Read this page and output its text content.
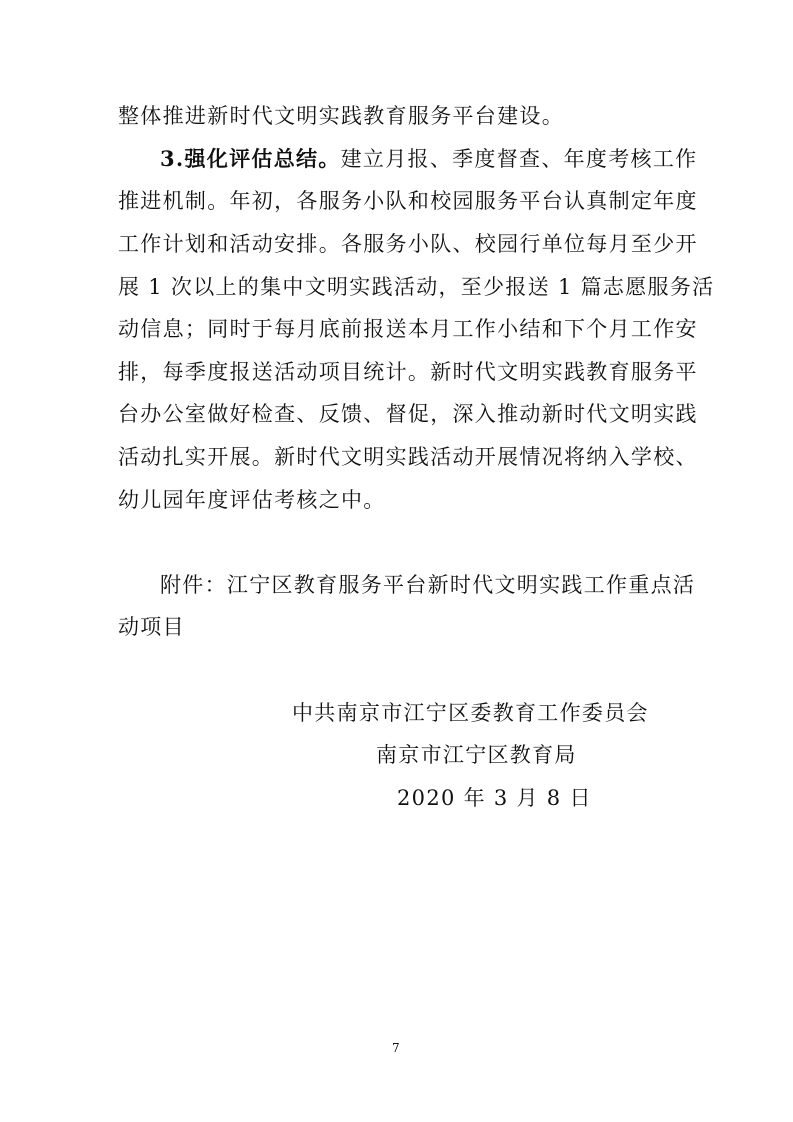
整体推进新时代文明实践教育服务平台建设。
3.强化评估总结。建立月报、季度督查、年度考核工作
推进机制。年初，各服务小队和校园服务平台认真制定年度
工作计划和活动安排。各服务小队、校园行单位每月至少开
展 1 次以上的集中文明实践活动，至少报送 1 篇志愿服务活
动信息；同时于每月底前报送本月工作小结和下个月工作安
排，每季度报送活动项目统计。新时代文明实践教育服务平
台办公室做好检查、反馈、督促，深入推动新时代文明实践
活动扎实开展。新时代文明实践活动开展情况将纳入学校、
幼儿园年度评估考核之中。
附件：江宁区教育服务平台新时代文明实践工作重点活
动项目
中共南京市江宁区委教育工作委员会
南京市江宁区教育局
2020 年 3 月 8 日
7
